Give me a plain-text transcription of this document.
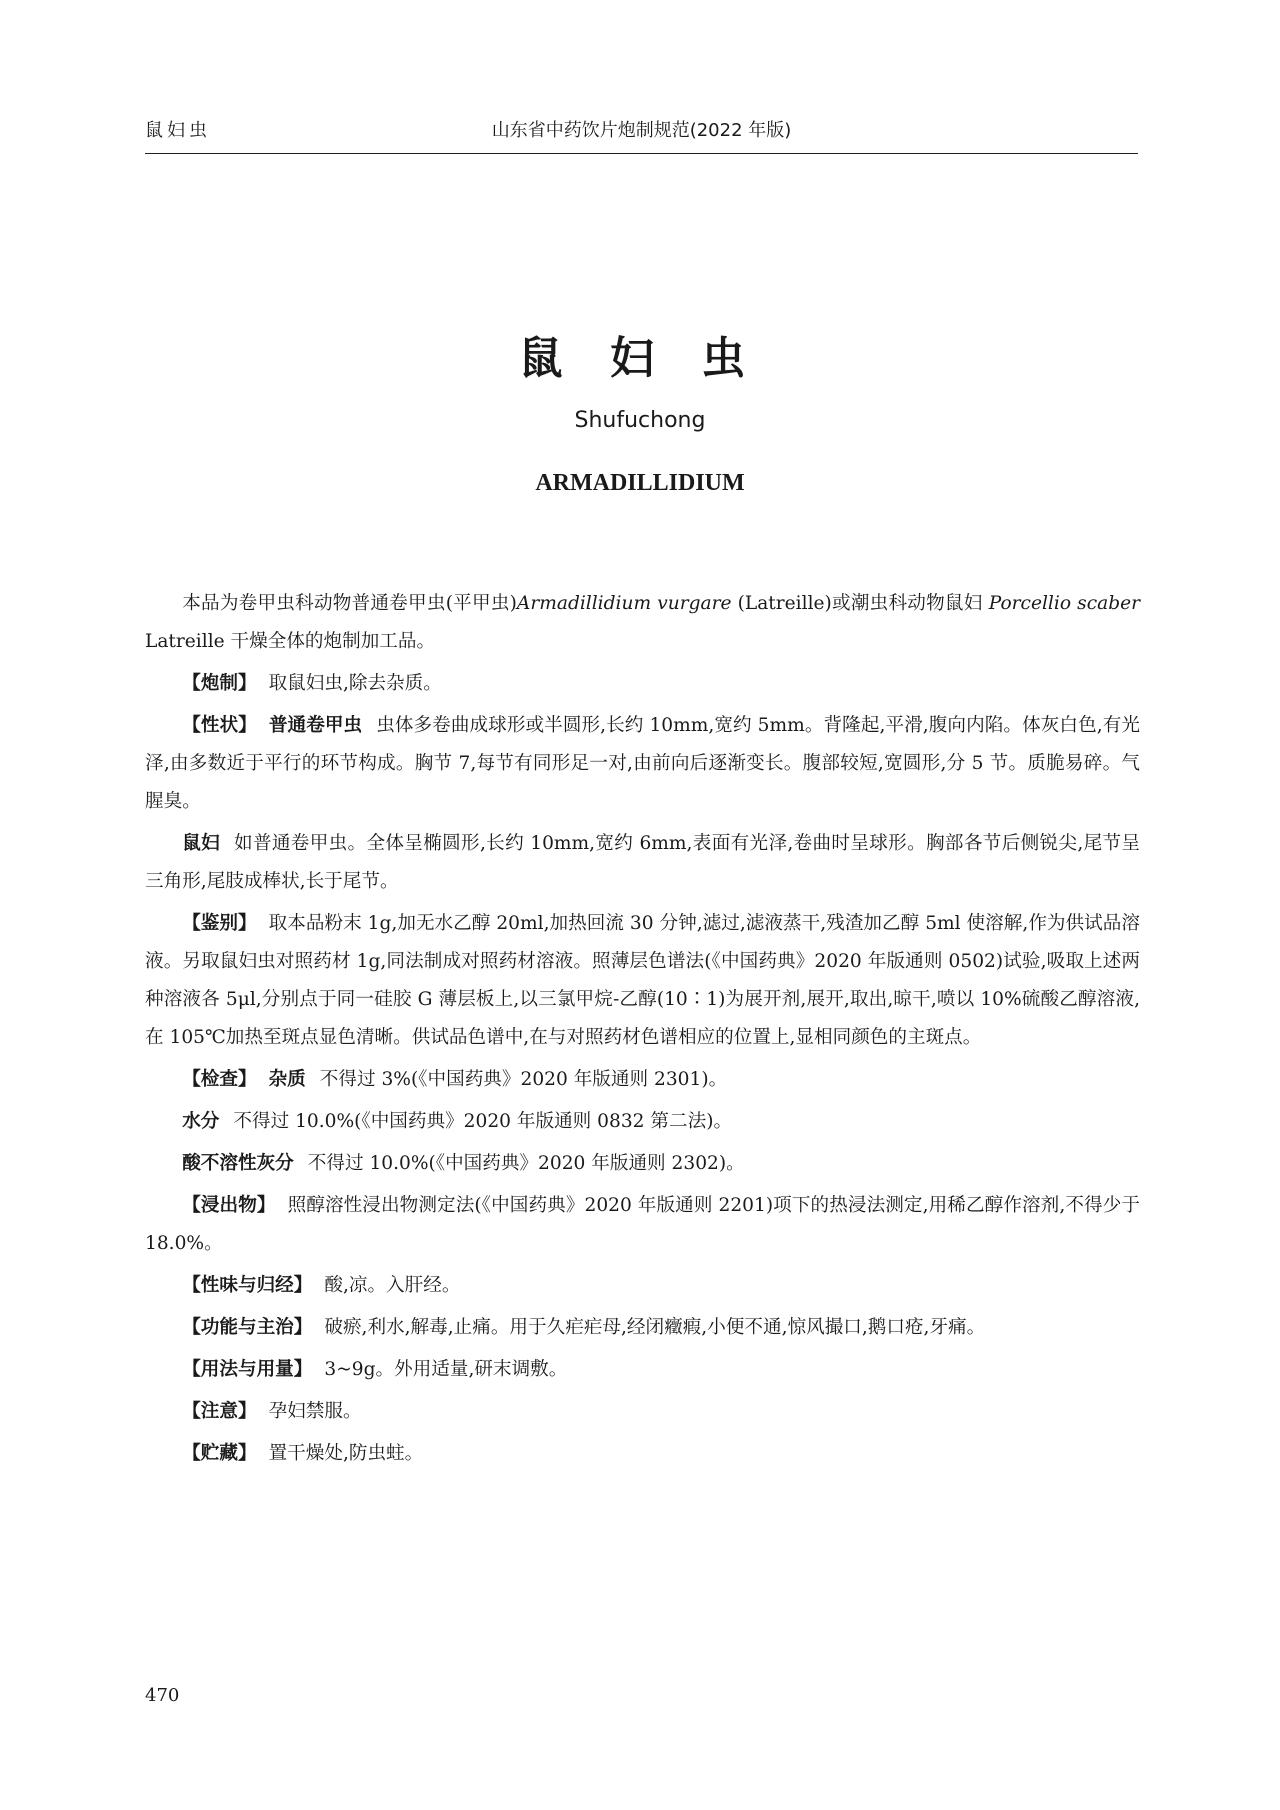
鼠妇虫	山东省中药饮片炮制规范(2022 年版)
鼠 妇 虫
Shufuchong
ARMADILLIDIUM

本品为卷甲虫科动物普通卷甲虫(平甲虫)Armadillidium vurgare (Latreille)或潮虫科动物鼠妇 Porcellio scaber Latreille 干燥全体的炮制加工品。

【炮制】 取鼠妇虫,除去杂质。

【性状】 普通卷甲虫 虫体多卷曲成球形或半圆形,长约 10mm,宽约 5mm。背隆起,平滑,腹向内陷。体灰白色,有光泽,由多数近于平行的环节构成。胸节 7,每节有同形足一对,由前向后逐渐变长。腹部较短,宽圆形,分 5 节。质脆易碎。气腥臭。

鼠妇 如普通卷甲虫。全体呈椭圆形,长约 10mm,宽约 6mm,表面有光泽,卷曲时呈球形。胸部各节后侧锐尖,尾节呈三角形,尾肢成棒状,长于尾节。

【鉴别】 取本品粉末 1g,加无水乙醇 20ml,加热回流 30 分钟,滤过,滤液蒸干,残渣加乙醇 5ml 使溶解,作为供试品溶液。另取鼠妇虫对照药材 1g,同法制成对照药材溶液。照薄层色谱法(《中国药典》2020 年版通则 0502)试验,吸取上述两种溶液各 5μl,分别点于同一硅胶 G 薄层板上,以三氯甲烷-乙醇(10∶1)为展开剂,展开,取出,晾干,喷以 10%硫酸乙醇溶液,在 105℃加热至斑点显色清晰。供试品色谱中,在与对照药材色谱相应的位置上,显相同颜色的主斑点。

【检查】 杂质 不得过 3%(《中国药典》2020 年版通则 2301)。

水分 不得过 10.0%(《中国药典》2020 年版通则 0832 第二法)。

酸不溶性灰分 不得过 10.0%(《中国药典》2020 年版通则 2302)。

【浸出物】 照醇溶性浸出物测定法(《中国药典》2020 年版通则 2201)项下的热浸法测定,用稀乙醇作溶剂,不得少于 18.0%。

【性味与归经】 酸,凉。入肝经。

【功能与主治】 破瘀,利水,解毒,止痛。用于久疟疟母,经闭癥瘕,小便不通,惊风撮口,鹅口疮,牙痛。

【用法与用量】 3~9g。外用适量,研末调敷。

【注意】 孕妇禁服。

【贮藏】 置干燥处,防虫蛀。

470
